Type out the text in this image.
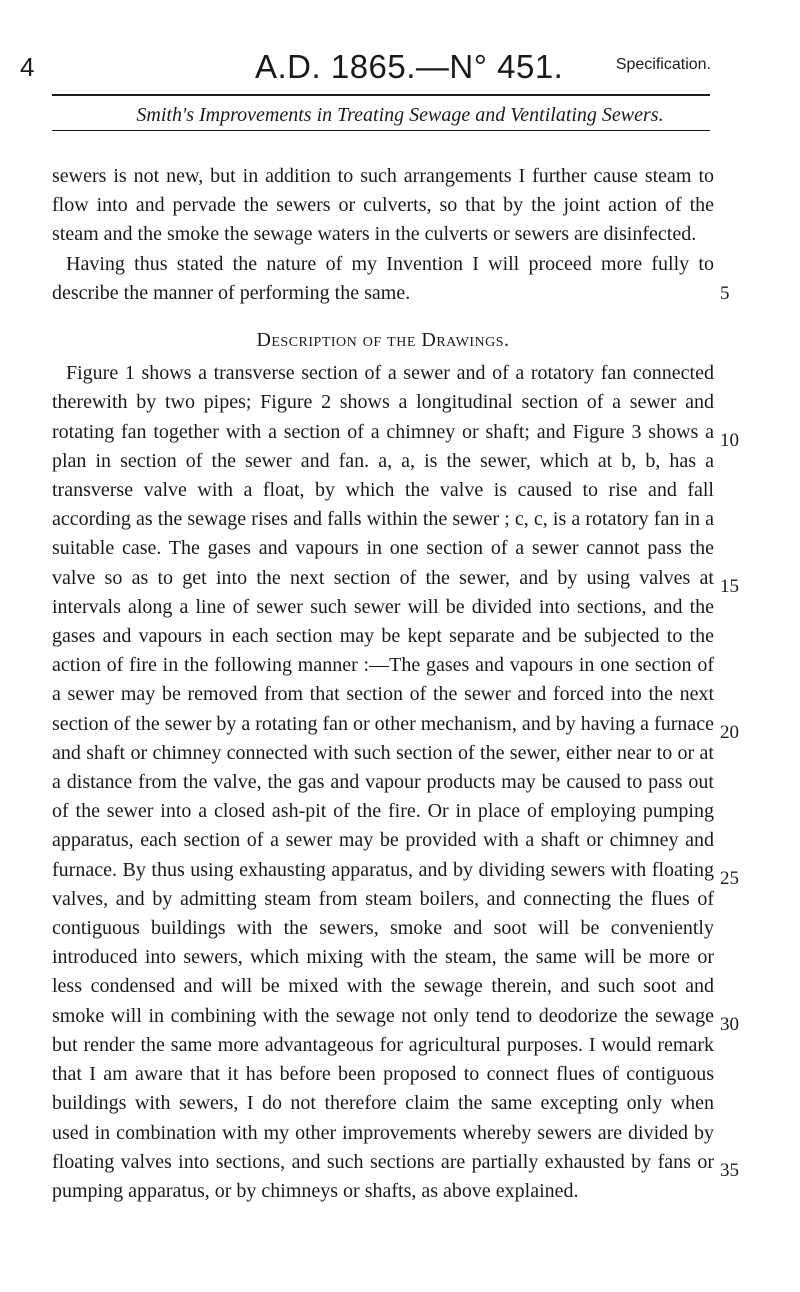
4	A.D. 1865.—N° 451.	Specification.
Smith's Improvements in Treating Sewage and Ventilating Sewers.

sewers is not new, but in addition to such arrangements I further cause steam to flow into and pervade the sewers or culverts, so that by the joint action of the steam and the smoke the sewage waters in the culverts or sewers are disinfected.

Having thus stated the nature of my Invention I will proceed more fully to describe the manner of performing the same.

Description of the Drawings.

Figure 1 shows a transverse section of a sewer and of a rotatory fan connected therewith by two pipes; Figure 2 shows a longitudinal section of a sewer and rotating fan together with a section of a chimney or shaft; and Figure 3 shows a plan in section of the sewer and fan. a, a, is the sewer, which at b, b, has a transverse valve with a float, by which the valve is caused to rise and fall according as the sewage rises and falls within the sewer ; c, c, is a rotatory fan in a suitable case. The gases and vapours in one section of a sewer cannot pass the valve so as to get into the next section of the sewer, and by using valves at intervals along a line of sewer such sewer will be divided into sections, and the gases and vapours in each section may be kept separate and be subjected to the action of fire in the following manner :—The gases and vapours in one section of a sewer may be removed from that section of the sewer and forced into the next section of the sewer by a rotating fan or other mechanism, and by having a furnace and shaft or chimney connected with such section of the sewer, either near to or at a distance from the valve, the gas and vapour products may be caused to pass out of the sewer into a closed ash-pit of the fire. Or in place of employing pumping apparatus, each section of a sewer may be provided with a shaft or chimney and furnace. By thus using exhausting apparatus, and by dividing sewers with floating valves, and by admitting steam from steam boilers, and connecting the flues of contiguous buildings with the sewers, smoke and soot will be conveniently introduced into sewers, which mixing with the steam, the same will be more or less condensed and will be mixed with the sewage therein, and such soot and smoke will in combining with the sewage not only tend to deodorize the sewage but render the same more advantageous for agricultural purposes. I would remark that I am aware that it has before been proposed to connect flues of contiguous buildings with sewers, I do not therefore claim the same excepting only when used in combination with my other improvements whereby sewers are divided by floating valves into sections, and such sections are partially exhausted by fans or pumping apparatus, or by chimneys or shafts, as above explained.

5
10
15
20
25
30
35
